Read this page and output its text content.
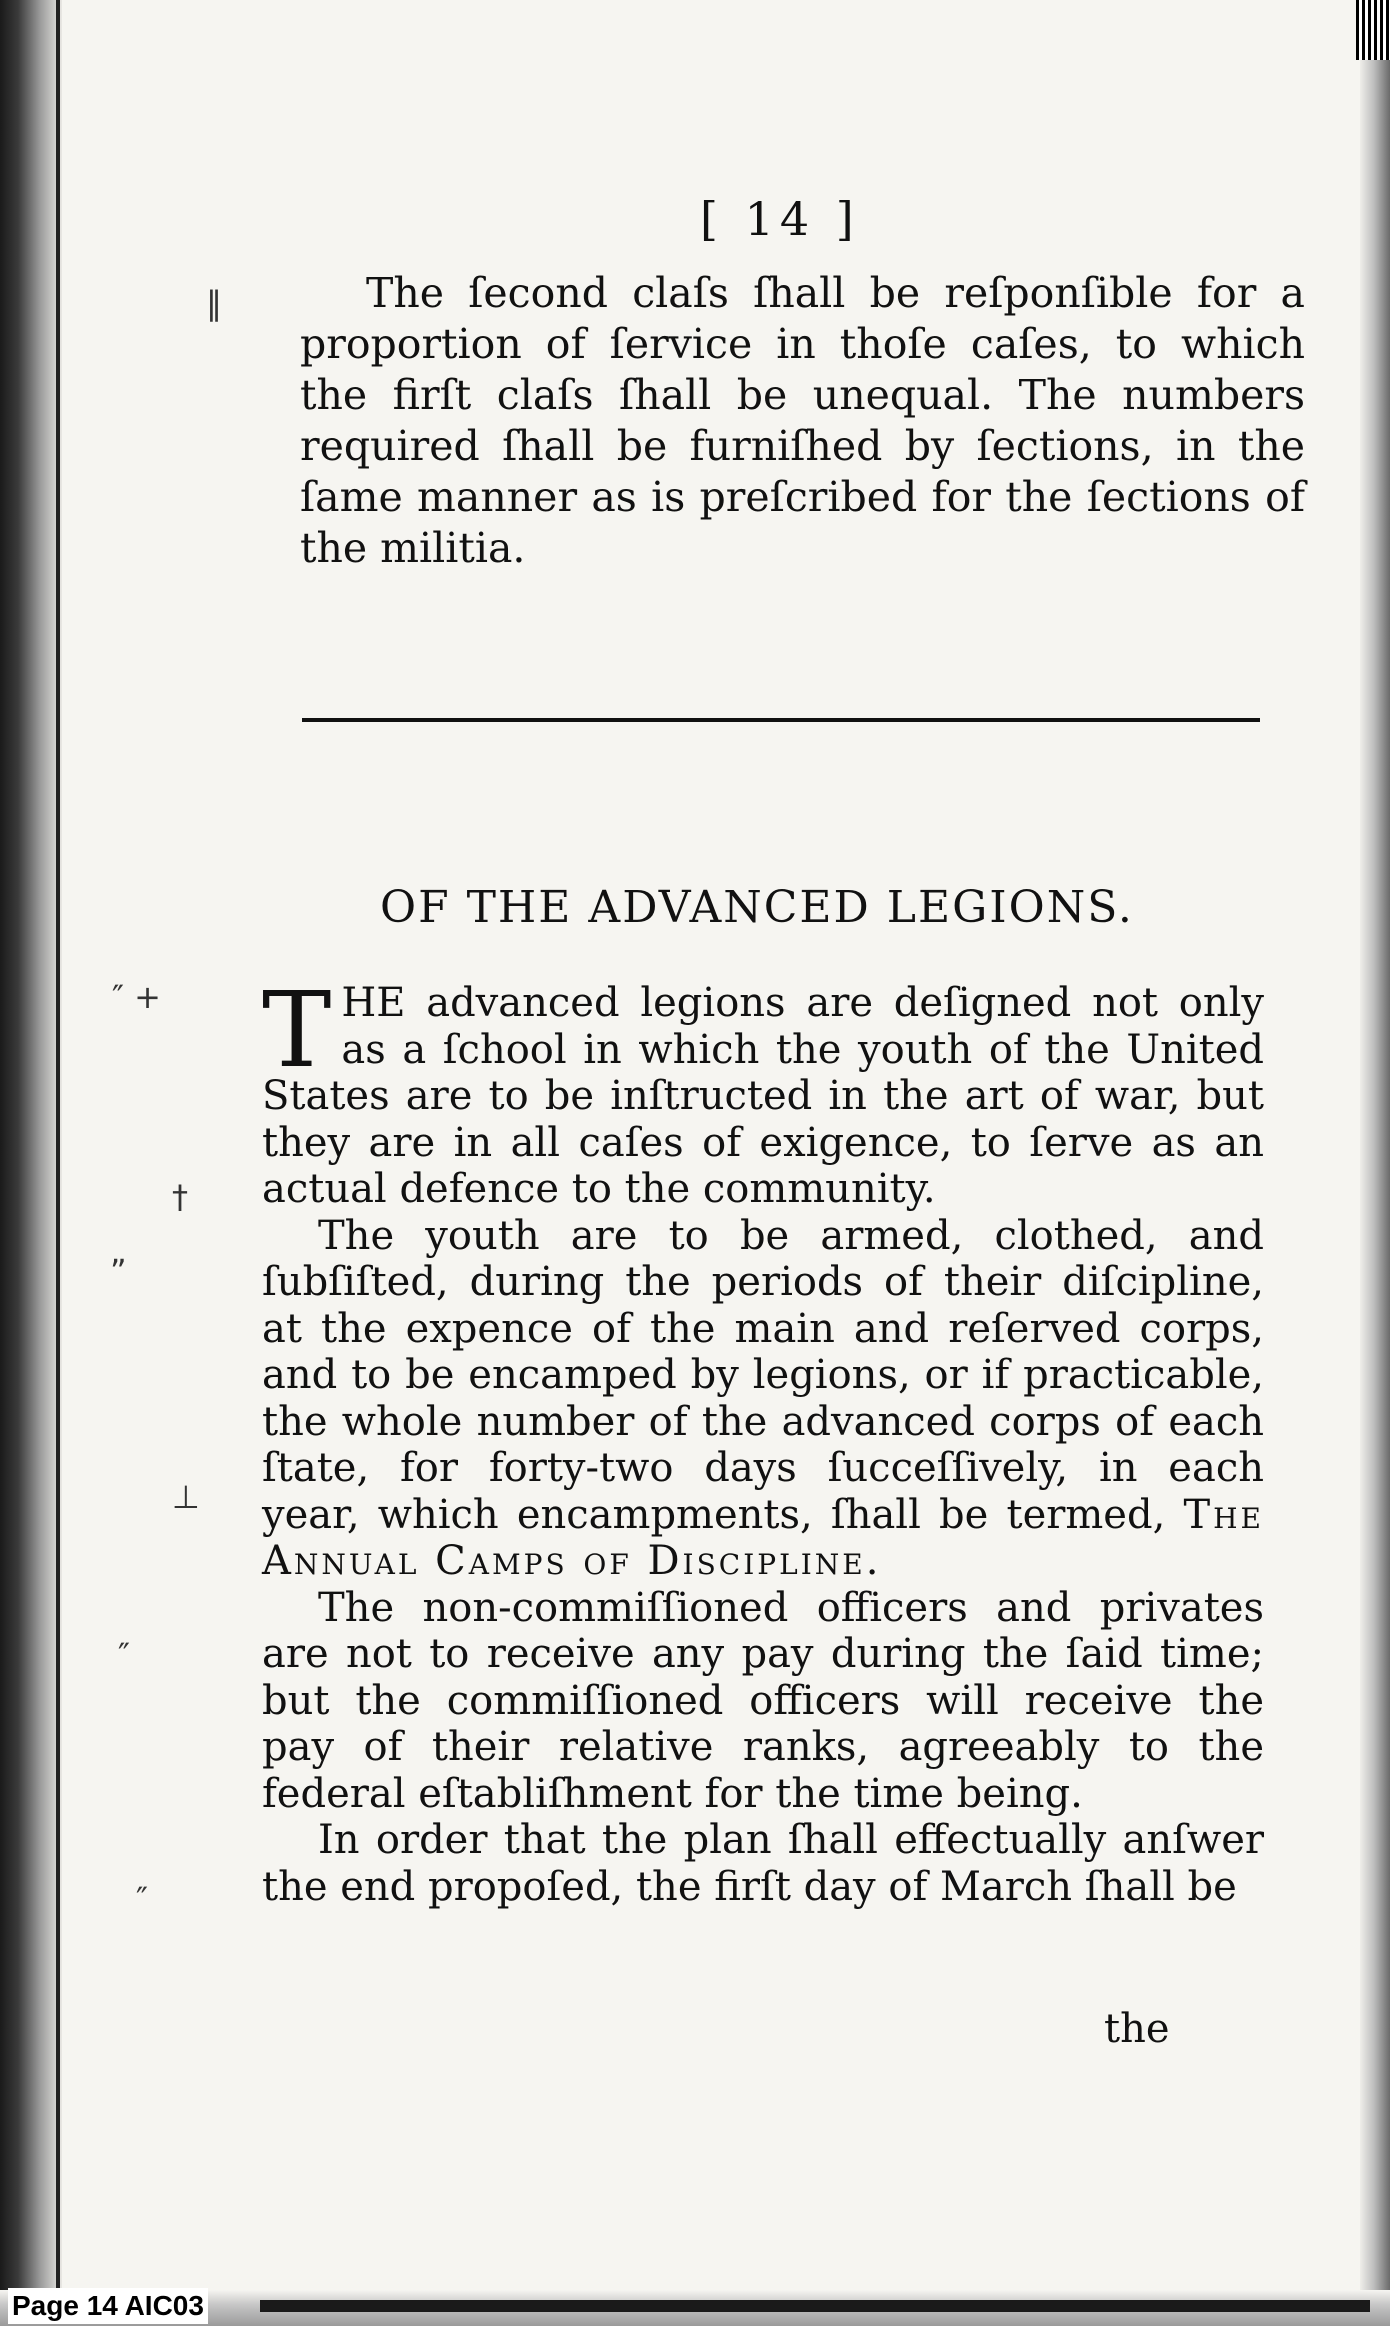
[ 14 ]
‖
″ +
†
”
⊥
″
″

The ſecond claſs ſhall be reſponſible for a proportion of ſervice in thoſe caſes, to which the firſt claſs ſhall be unequal. The numbers required ſhall be furniſhed by ſections, in the ſame manner as is preſcribed for the ſections of the militia.

OF THE ADVANCED LEGIONS.

THE advanced legions are deſigned not only as a ſchool in which the youth of the United States are to be inſtructed in the art of war, but they are in all caſes of exigence, to ſerve as an actual defence to the community.

The youth are to be armed, clothed, and ſubſiſted, during the periods of their diſcipline, at the expence of the main and reſerved corps, and to be encamped by legions, or if practicable, the whole number of the advanced corps of each ſtate, for forty-two days ſucceſſively, in each year, which encampments, ſhall be termed, The Annual Camps of Discipline.

The non-commiſſioned officers and privates are not to receive any pay during the ſaid time; but the commiſſioned officers will receive the pay of their relative ranks, agreeably to the federal eſtabliſhment for the time being.

In order that the plan ſhall effectually anſwer the end propoſed, the firſt day of March ſhall be

the
Page 14 AIC03
